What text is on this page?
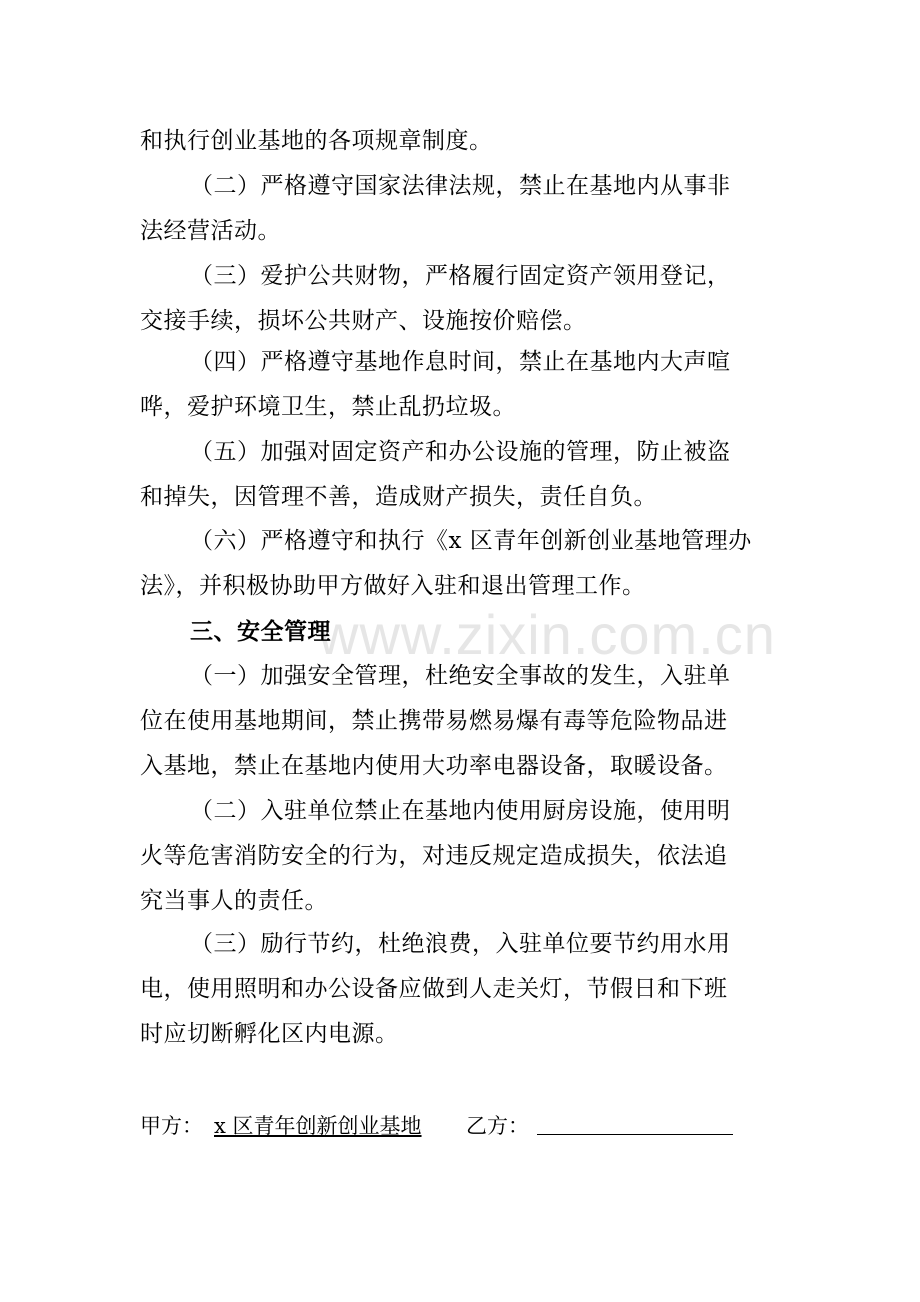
www.zixin.com.cn
和执行创业基地的各项规章制度。
（二）严格遵守国家法律法规，禁止在基地内从事非
法经营活动。
（三）爱护公共财物，严格履行固定资产领用登记，
交接手续，损坏公共财产、设施按价赔偿。
（四）严格遵守基地作息时间，禁止在基地内大声喧
哗，爱护环境卫生，禁止乱扔垃圾。
（五）加强对固定资产和办公设施的管理，防止被盗
和掉失，因管理不善，造成财产损失，责任自负。
（六）严格遵守和执行《x 区青年创新创业基地管理办
法》，并积极协助甲方做好入驻和退出管理工作。
三、安全管理
（一）加强安全管理，杜绝安全事故的发生，入驻单
位在使用基地期间，禁止携带易燃易爆有毒等危险物品进
入基地，禁止在基地内使用大功率电器设备，取暖设备。
（二）入驻单位禁止在基地内使用厨房设施，使用明
火等危害消防安全的行为，对违反规定造成损失，依法追
究当事人的责任。
（三）励行节约，杜绝浪费，入驻单位要节约用水用
电，使用照明和办公设备应做到人走关灯，节假日和下班
时应切断孵化区内电源。
甲方： x 区青年创新创业基地 乙方：
